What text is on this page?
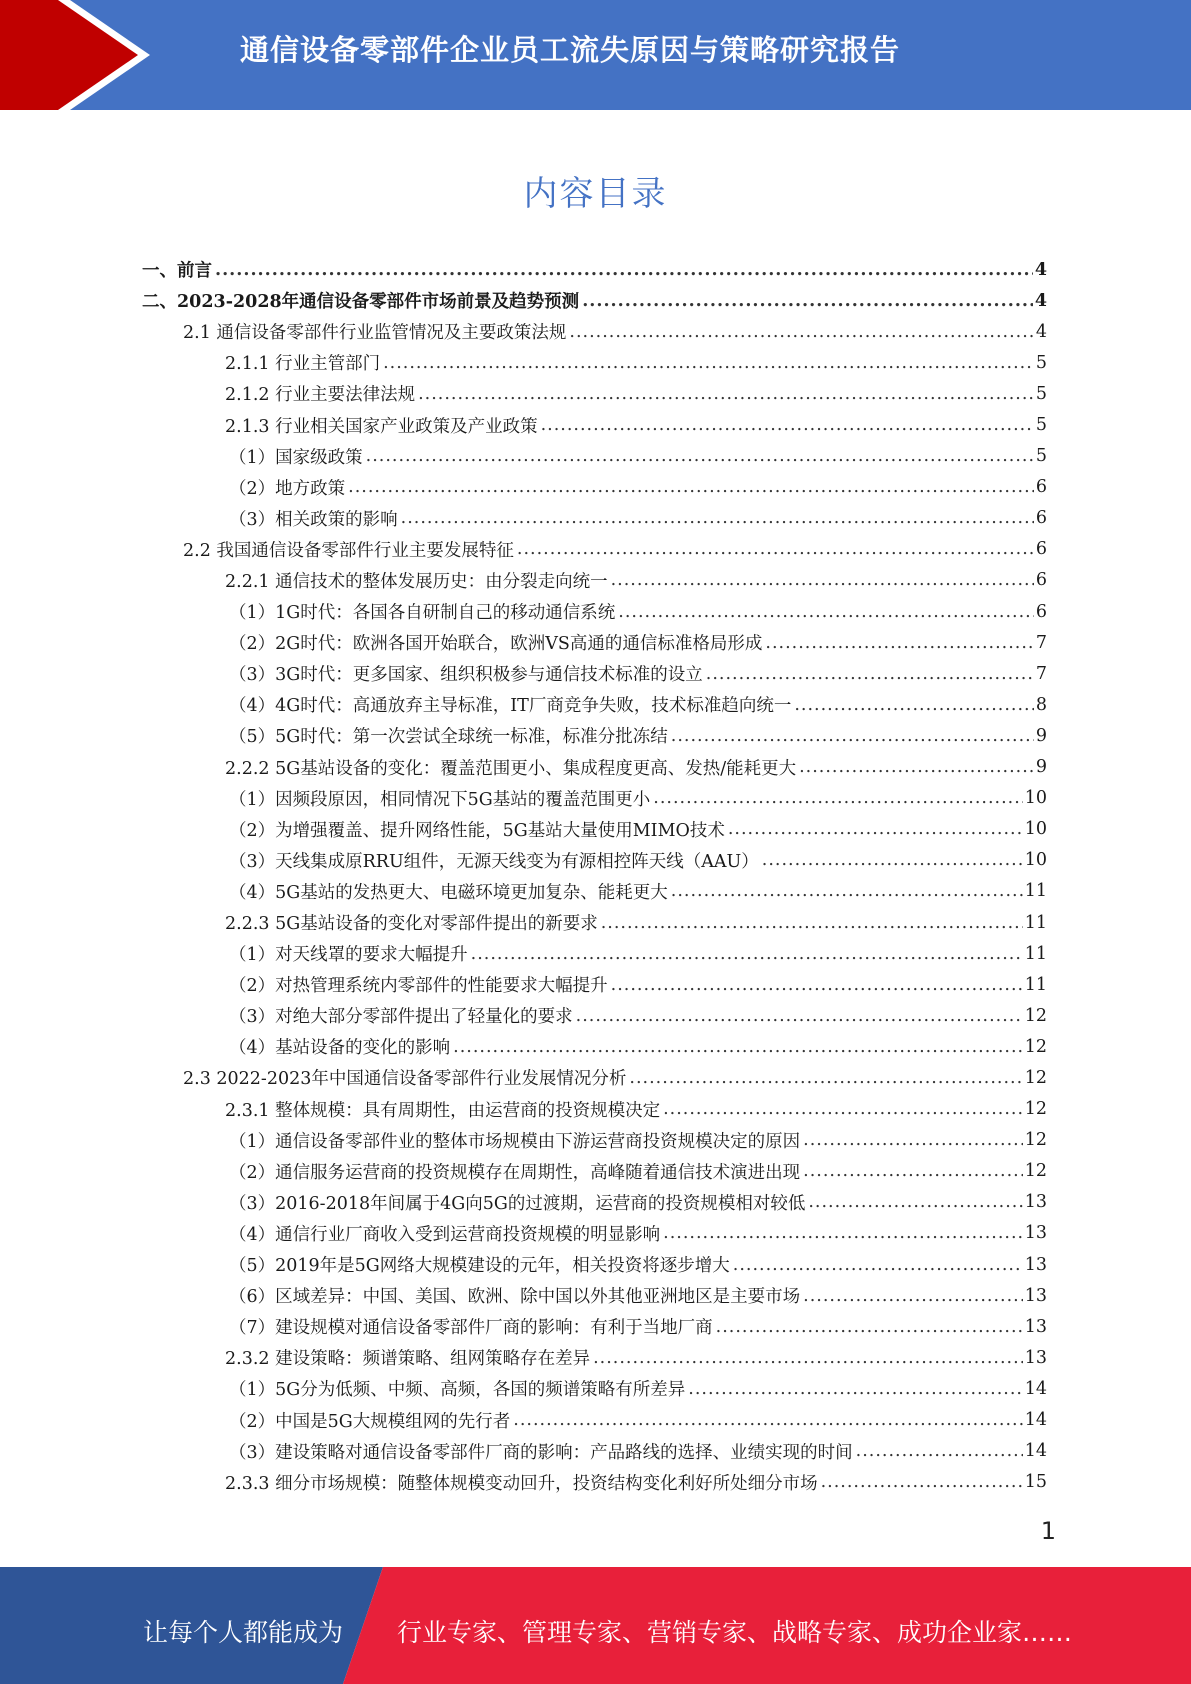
通信设备零部件企业员工流失原因与策略研究报告
内容目录
一、前言 .....	4
二、2023-2028年通信设备零部件市场前景及趋势预测 .....	4
2.1 通信设备零部件行业监管情况及主要政策法规 .....	4
2.1.1 行业主管部门 .....	5
2.1.2 行业主要法律法规 .....	5
2.1.3 行业相关国家产业政策及产业政策 .....	5
（1）国家级政策 .....	5
（2）地方政策 .....	6
（3）相关政策的影响 .....	6
2.2 我国通信设备零部件行业主要发展特征 .....	6
2.2.1 通信技术的整体发展历史：由分裂走向统一 .....	6
（1）1G时代：各国各自研制自己的移动通信系统 .....	6
（2）2G时代：欧洲各国开始联合，欧洲VS高通的通信标准格局形成 .....	7
（3）3G时代：更多国家、组织积极参与通信技术标准的设立 .....	7
（4）4G时代：高通放弃主导标准，IT厂商竞争失败，技术标准趋向统一 .....	8
（5）5G时代：第一次尝试全球统一标准，标准分批冻结 .....	9
2.2.2 5G基站设备的变化：覆盖范围更小、集成程度更高、发热/能耗更大 .....	9
（1）因频段原因，相同情况下5G基站的覆盖范围更小 .....	10
（2）为增强覆盖、提升网络性能，5G基站大量使用MIMO技术 .....	10
（3）天线集成原RRU组件，无源天线变为有源相控阵天线（AAU） .....	10
（4）5G基站的发热更大、电磁环境更加复杂、能耗更大 .....	11
2.2.3 5G基站设备的变化对零部件提出的新要求 .....	11
（1）对天线罩的要求大幅提升 .....	11
（2）对热管理系统内零部件的性能要求大幅提升 .....	11
（3）对绝大部分零部件提出了轻量化的要求 .....	12
（4）基站设备的变化的影响 .....	12
2.3 2022-2023年中国通信设备零部件行业发展情况分析 .....	12
2.3.1 整体规模：具有周期性，由运营商的投资规模决定 .....	12
（1）通信设备零部件业的整体市场规模由下游运营商投资规模决定的原因 .....	12
（2）通信服务运营商的投资规模存在周期性，高峰随着通信技术演进出现 .....	12
（3）2016-2018年间属于4G向5G的过渡期，运营商的投资规模相对较低 .....	13
（4）通信行业厂商收入受到运营商投资规模的明显影响 .....	13
（5）2019年是5G网络大规模建设的元年，相关投资将逐步增大 .....	13
（6）区域差异：中国、美国、欧洲、除中国以外其他亚洲地区是主要市场 .....	13
（7）建设规模对通信设备零部件厂商的影响：有利于当地厂商 .....	13
2.3.2 建设策略：频谱策略、组网策略存在差异 .....	13
（1）5G分为低频、中频、高频，各国的频谱策略有所差异 .....	14
（2）中国是5G大规模组网的先行者 .....	14
（3）建设策略对通信设备零部件厂商的影响：产品路线的选择、业绩实现的时间 .....	14
2.3.3 细分市场规模：随整体规模变动回升，投资结构变化利好所处细分市场 .....	15
1
让每个人都能成为 行业专家、管理专家、营销专家、战略专家、成功企业家……
